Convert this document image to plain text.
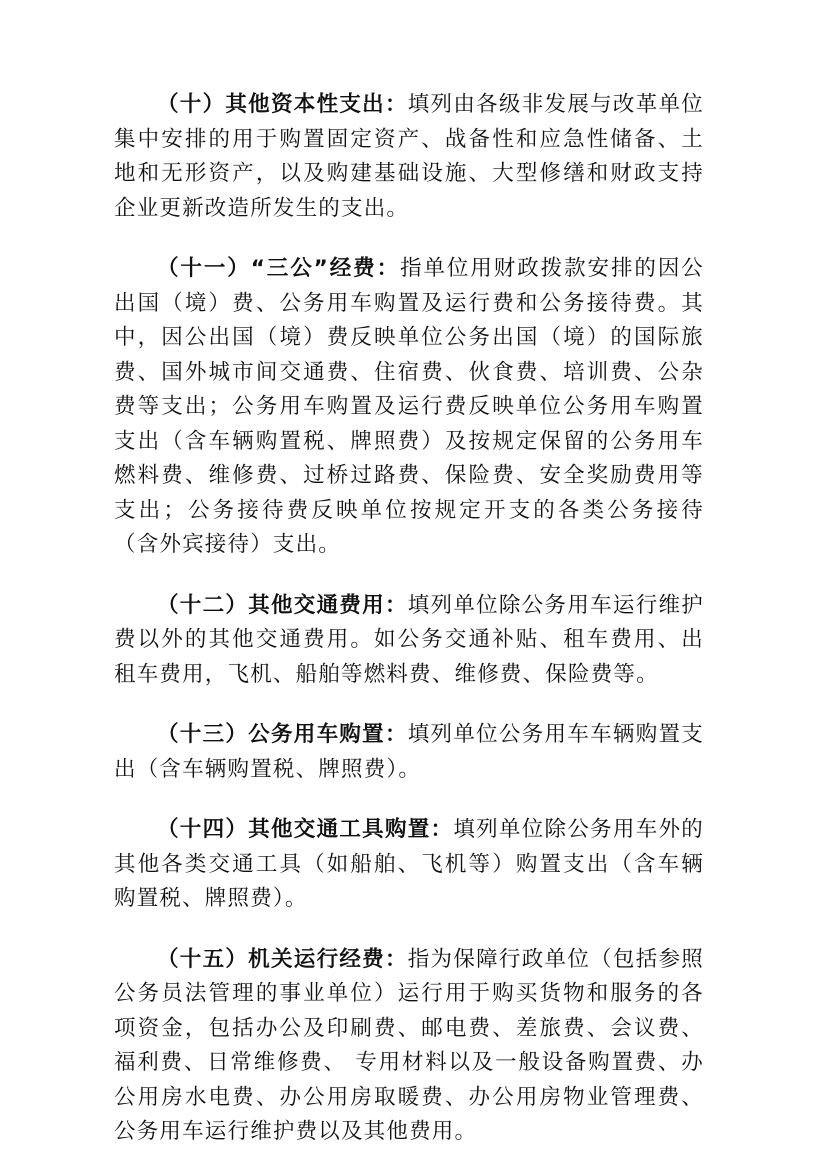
（十）其他资本性支出：填列由各级非发展与改革单位集中安排的用于购置固定资产、战备性和应急性储备、土地和无形资产，以及购建基础设施、大型修缮和财政支持企业更新改造所发生的支出。

（十一）“三公”经费：指单位用财政拨款安排的因公出国（境）费、公务用车购置及运行费和公务接待费。其中，因公出国（境）费反映单位公务出国（境）的国际旅费、国外城市间交通费、住宿费、伙食费、培训费、公杂费等支出；公务用车购置及运行费反映单位公务用车购置支出（含车辆购置税、牌照费）及按规定保留的公务用车燃料费、维修费、过桥过路费、保险费、安全奖励费用等支出；公务接待费反映单位按规定开支的各类公务接待（含外宾接待）支出。

（十二）其他交通费用：填列单位除公务用车运行维护费以外的其他交通费用。如公务交通补贴、租车费用、出租车费用，飞机、船舶等燃料费、维修费、保险费等。

（十三）公务用车购置：填列单位公务用车车辆购置支出（含车辆购置税、牌照费）。

（十四）其他交通工具购置：填列单位除公务用车外的其他各类交通工具（如船舶、飞机等）购置支出（含车辆购置税、牌照费）。

（十五）机关运行经费：指为保障行政单位（包括参照公务员法管理的事业单位）运行用于购买货物和服务的各项资金，包括办公及印刷费、邮电费、差旅费、会议费、福利费、日常维修费、 专用材料以及一般设备购置费、办公用房水电费、办公用房取暖费、办公用房物业管理费、公务用车运行维护费以及其他费用。
